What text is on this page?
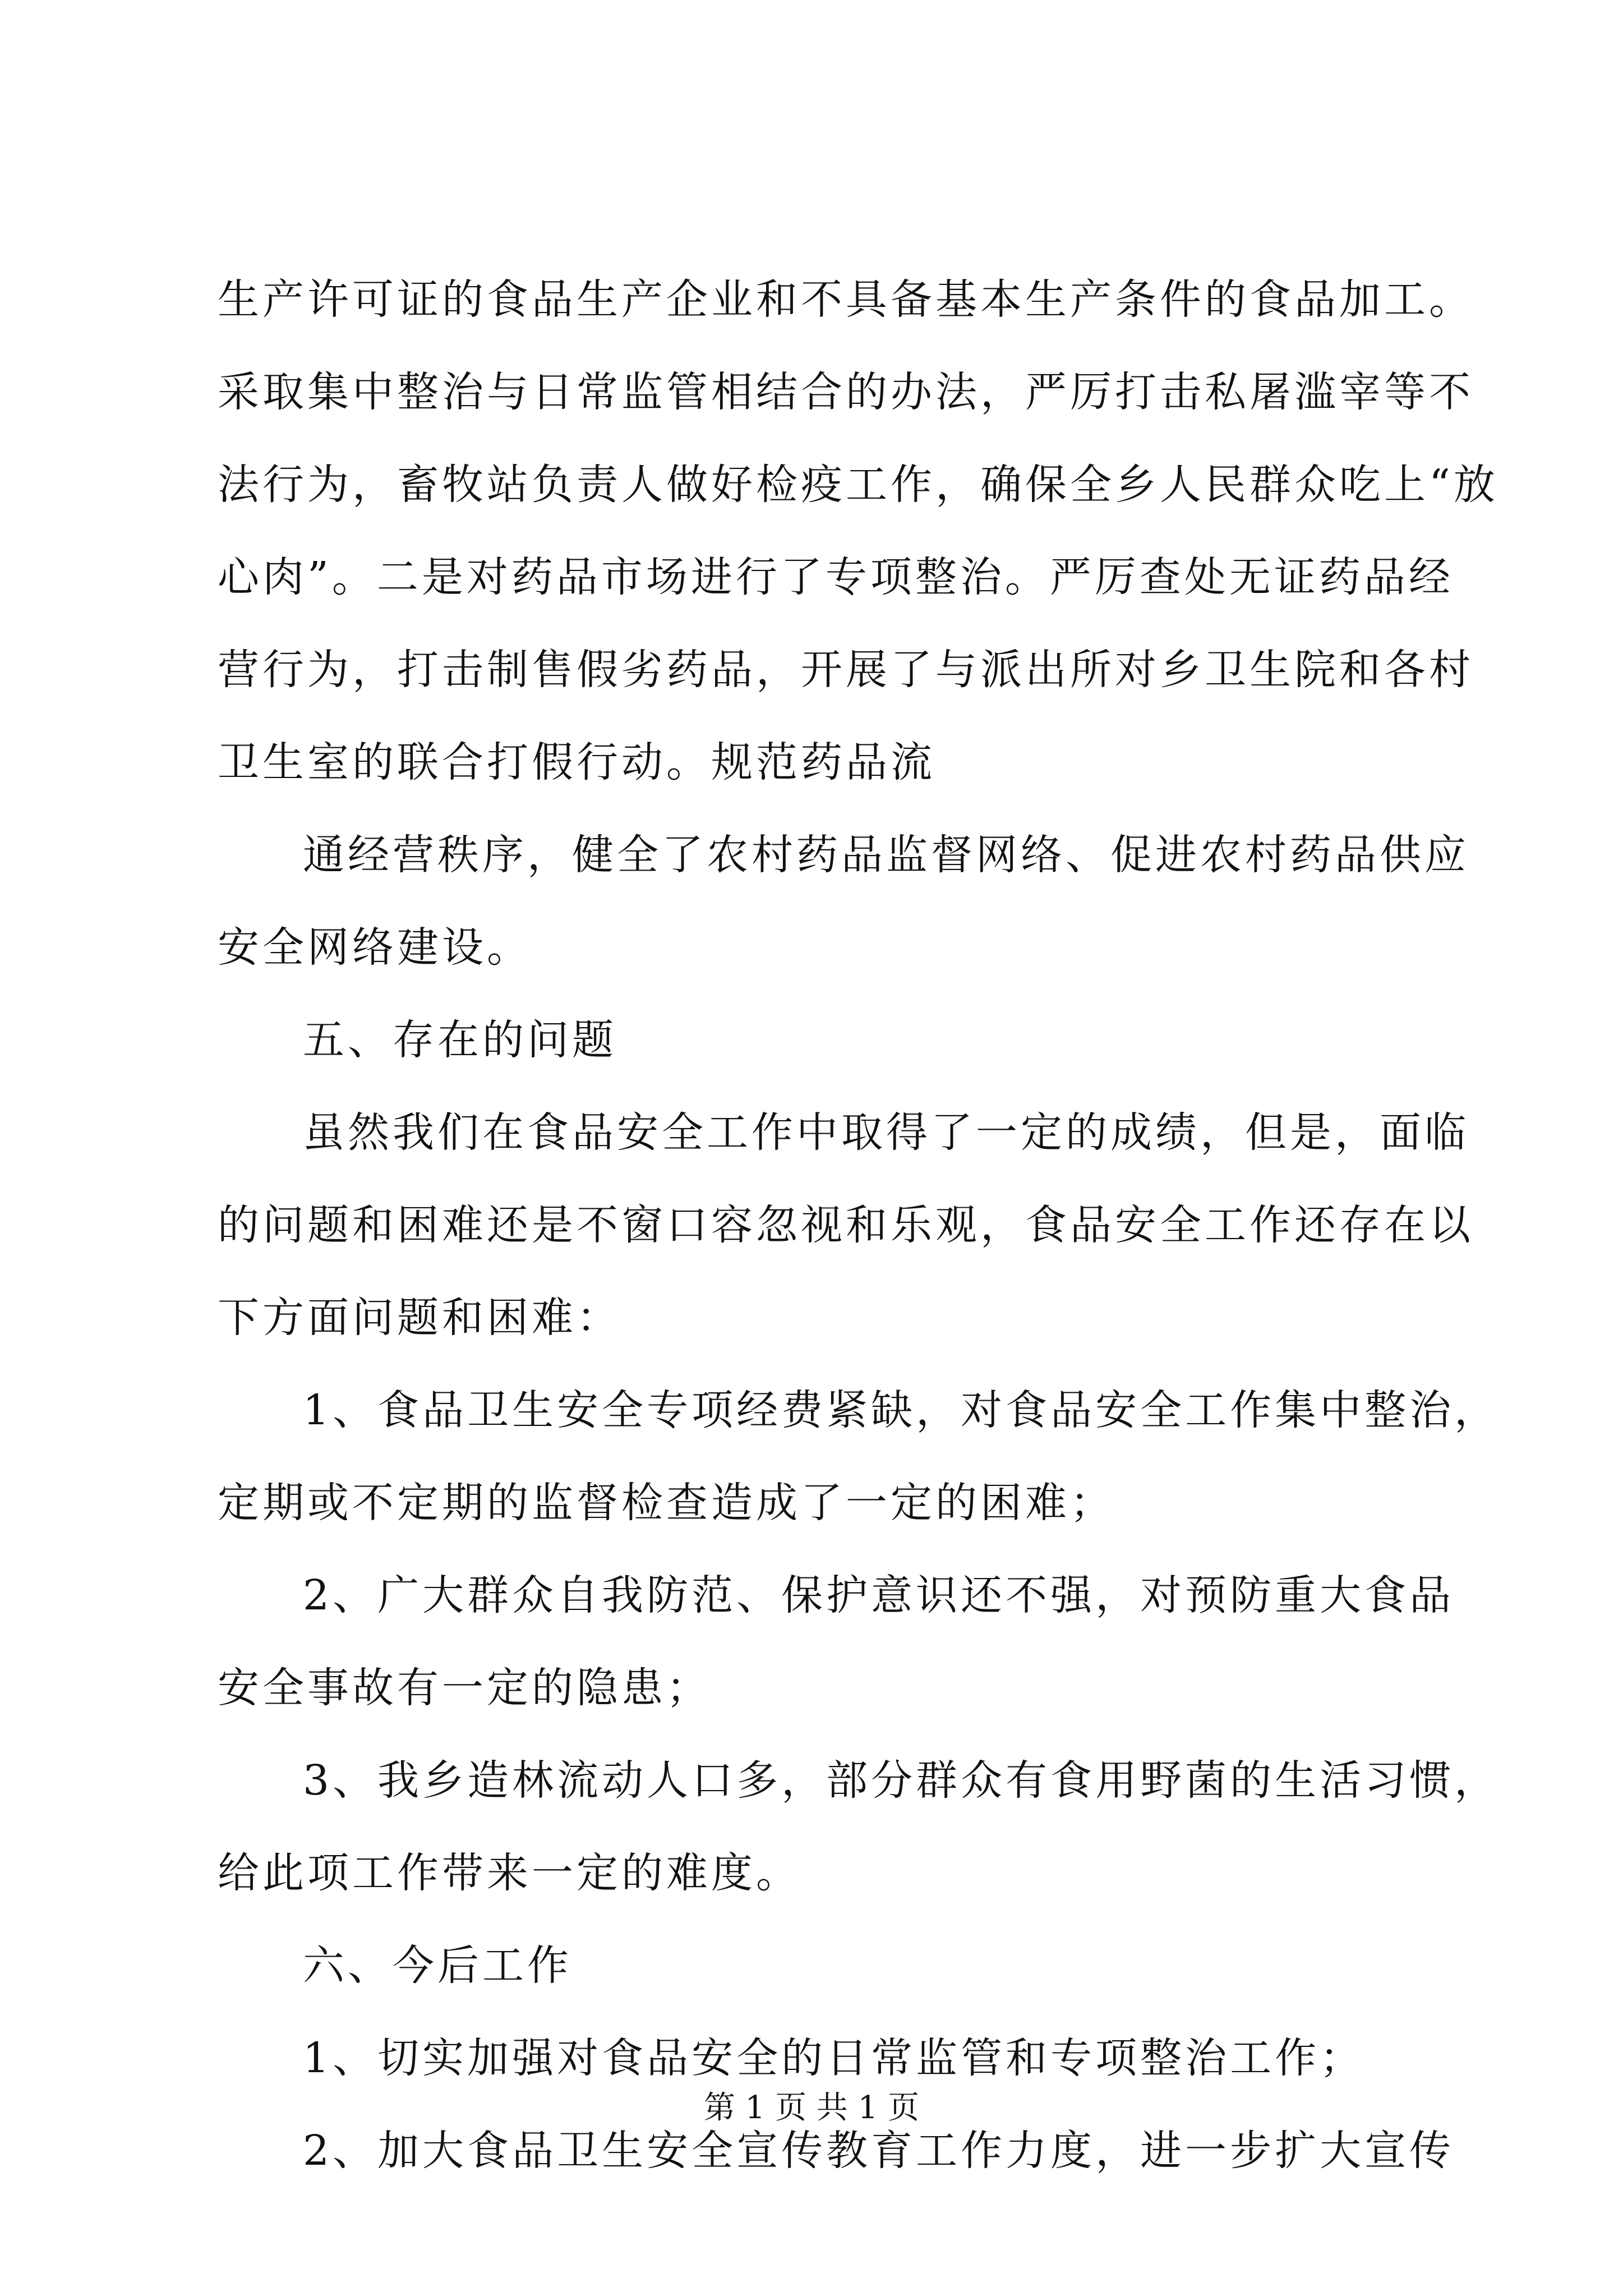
生产许可证的食品生产企业和不具备基本生产条件的食品加工。
采取集中整治与日常监管相结合的办法，严厉打击私屠滥宰等不
法行为，畜牧站负责人做好检疫工作，确保全乡人民群众吃上“放
心肉”。二是对药品市场进行了专项整治。严厉查处无证药品经
营行为，打击制售假劣药品，开展了与派出所对乡卫生院和各村
卫生室的联合打假行动。规范药品流
通经营秩序，健全了农村药品监督网络、促进农村药品供应
安全网络建设。
五、存在的问题
虽然我们在食品安全工作中取得了一定的成绩，但是，面临
的问题和困难还是不窗口容忽视和乐观，食品安全工作还存在以
下方面问题和困难：
1、食品卫生安全专项经费紧缺，对食品安全工作集中整治，
定期或不定期的监督检查造成了一定的困难；
2、广大群众自我防范、保护意识还不强，对预防重大食品
安全事故有一定的隐患；
3、我乡造林流动人口多，部分群众有食用野菌的生活习惯，
给此项工作带来一定的难度。
六、今后工作
1、切实加强对食品安全的日常监管和专项整治工作；
2、加大食品卫生安全宣传教育工作力度，进一步扩大宣传
第 1 页 共 1 页
